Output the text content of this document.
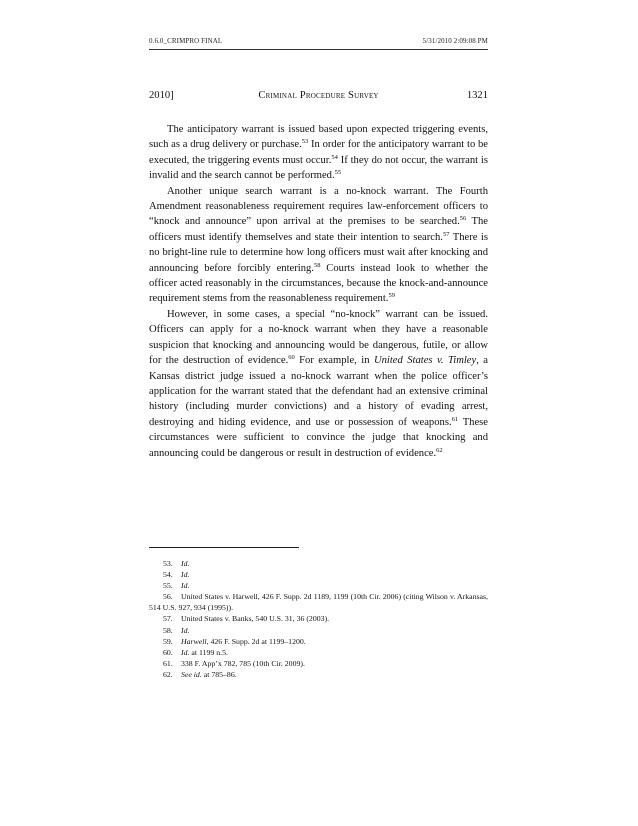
0.6.0_CRIMPRO FINAL	5/31/2010 2:09:08 PM
2010]	Criminal Procedure Survey	1321

The anticipatory warrant is issued based upon expected triggering events, such as a drug delivery or purchase.$^{53}$ In order for the anticipatory warrant to be executed, the triggering events must occur.$^{54}$ If they do not occur, the warrant is invalid and the search cannot be performed.$^{55}$

Another unique search warrant is a no-knock warrant. The Fourth Amendment reasonableness requirement requires law-enforcement officers to “knock and announce” upon arrival at the premises to be searched.$^{56}$ The officers must identify themselves and state their intention to search.$^{57}$ There is no bright-line rule to determine how long officers must wait after knocking and announcing before forcibly entering.$^{58}$ Courts instead look to whether the officer acted reasonably in the circumstances, because the knock-and-announce requirement stems from the reasonableness requirement.$^{59}$

However, in some cases, a special “no-knock” warrant can be issued. Officers can apply for a no-knock warrant when they have a reasonable suspicion that knocking and announcing would be dangerous, futile, or allow for the destruction of evidence.$^{60}$ For example, in United States v. Timley, a Kansas district judge issued a no-knock warrant when the police officer’s application for the warrant stated that the defendant had an extensive criminal history (including murder convictions) and a history of evading arrest, destroying and hiding evidence, and use or possession of weapons.$^{61}$ These circumstances were sufficient to convince the judge that knocking and announcing could be dangerous or result in destruction of evidence.$^{62}$

53. Id.

54. Id.

55. Id.

56. United States v. Harwell, 426 F. Supp. 2d 1189, 1199 (10th Cir. 2006) (citing Wilson v. Arkansas, 514 U.S. 927, 934 (1995)).

57. United States v. Banks, 540 U.S. 31, 36 (2003).

58. Id.

59. Harwell, 426 F. Supp. 2d at 1199–1200.

60. Id. at 1199 n.5.

61. 338 F. App’x 782, 785 (10th Cir. 2009).

62. See id. at 785–86.
